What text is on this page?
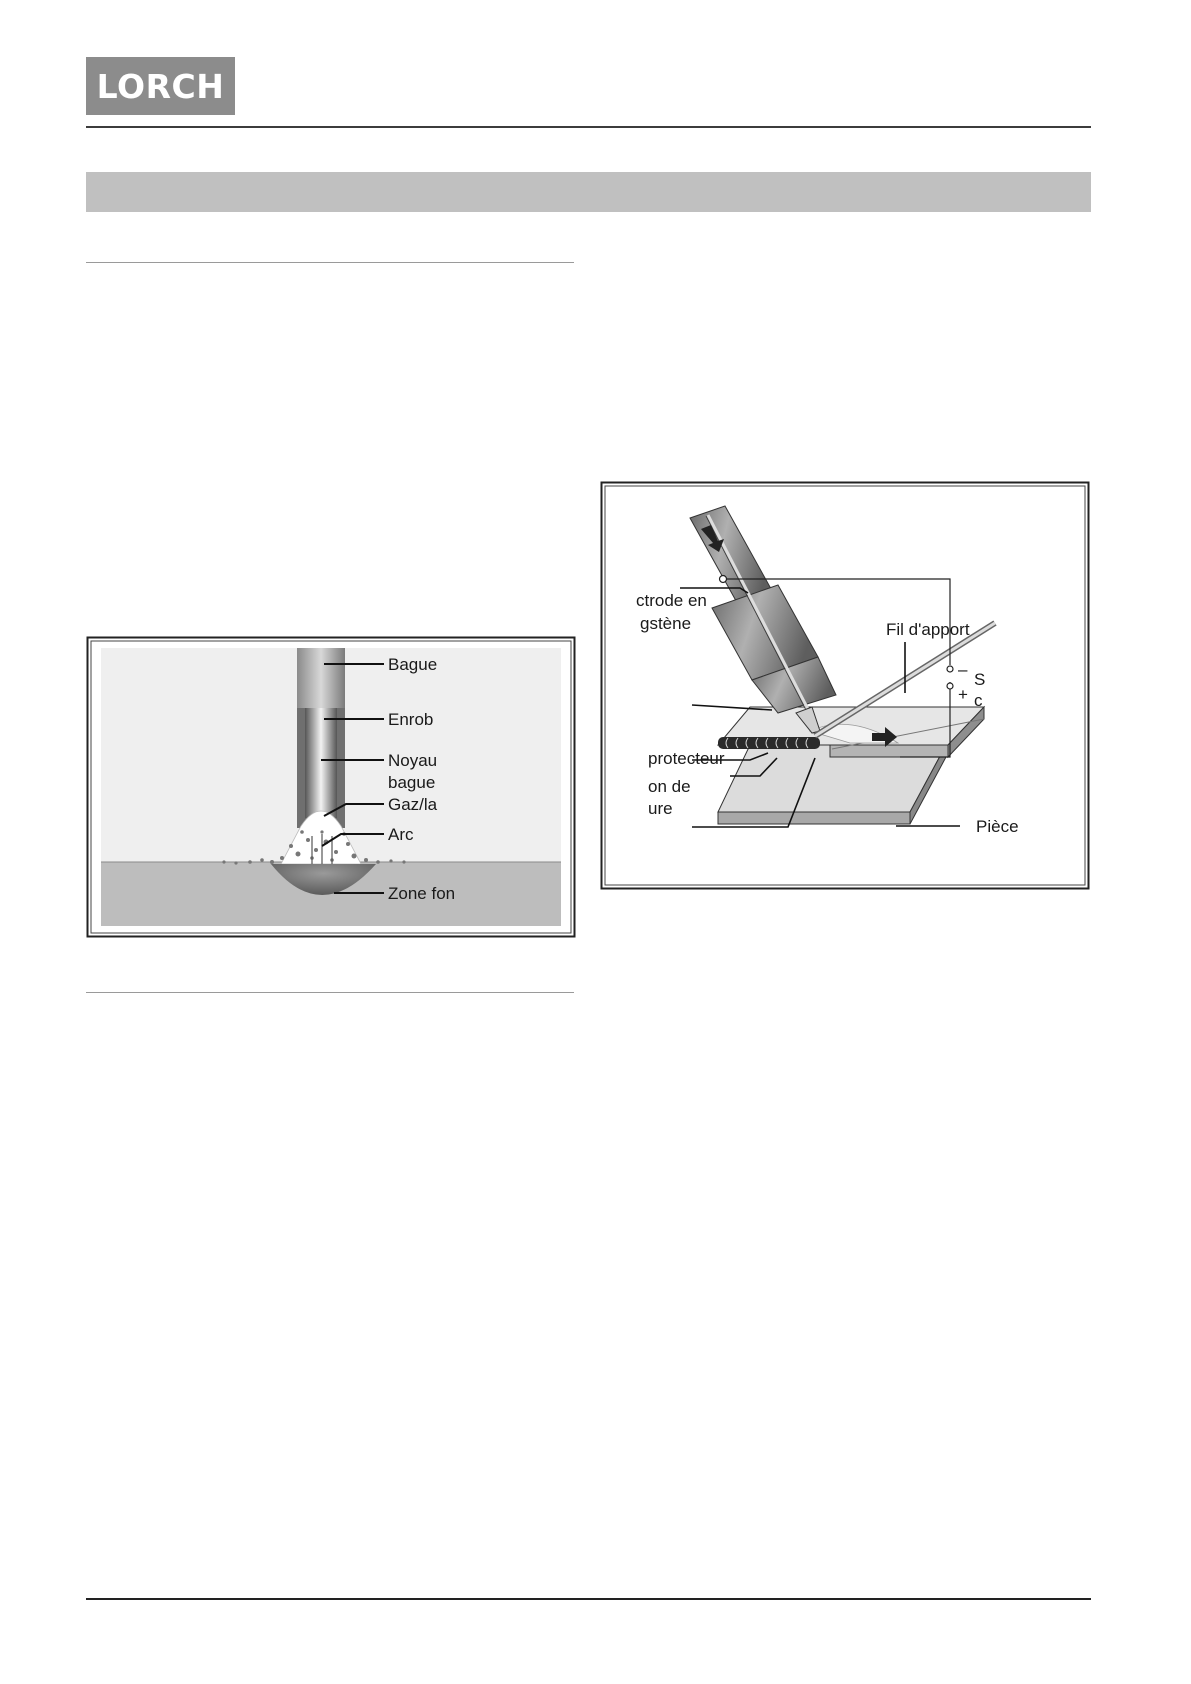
LORCH
Bague
Enrob
Noyau
bague
Gaz/la
Arc
Zone fon
ctrode en
gstène	Fil d'apport
S
c
–
+
protecteur
on de
ure
Pièce
